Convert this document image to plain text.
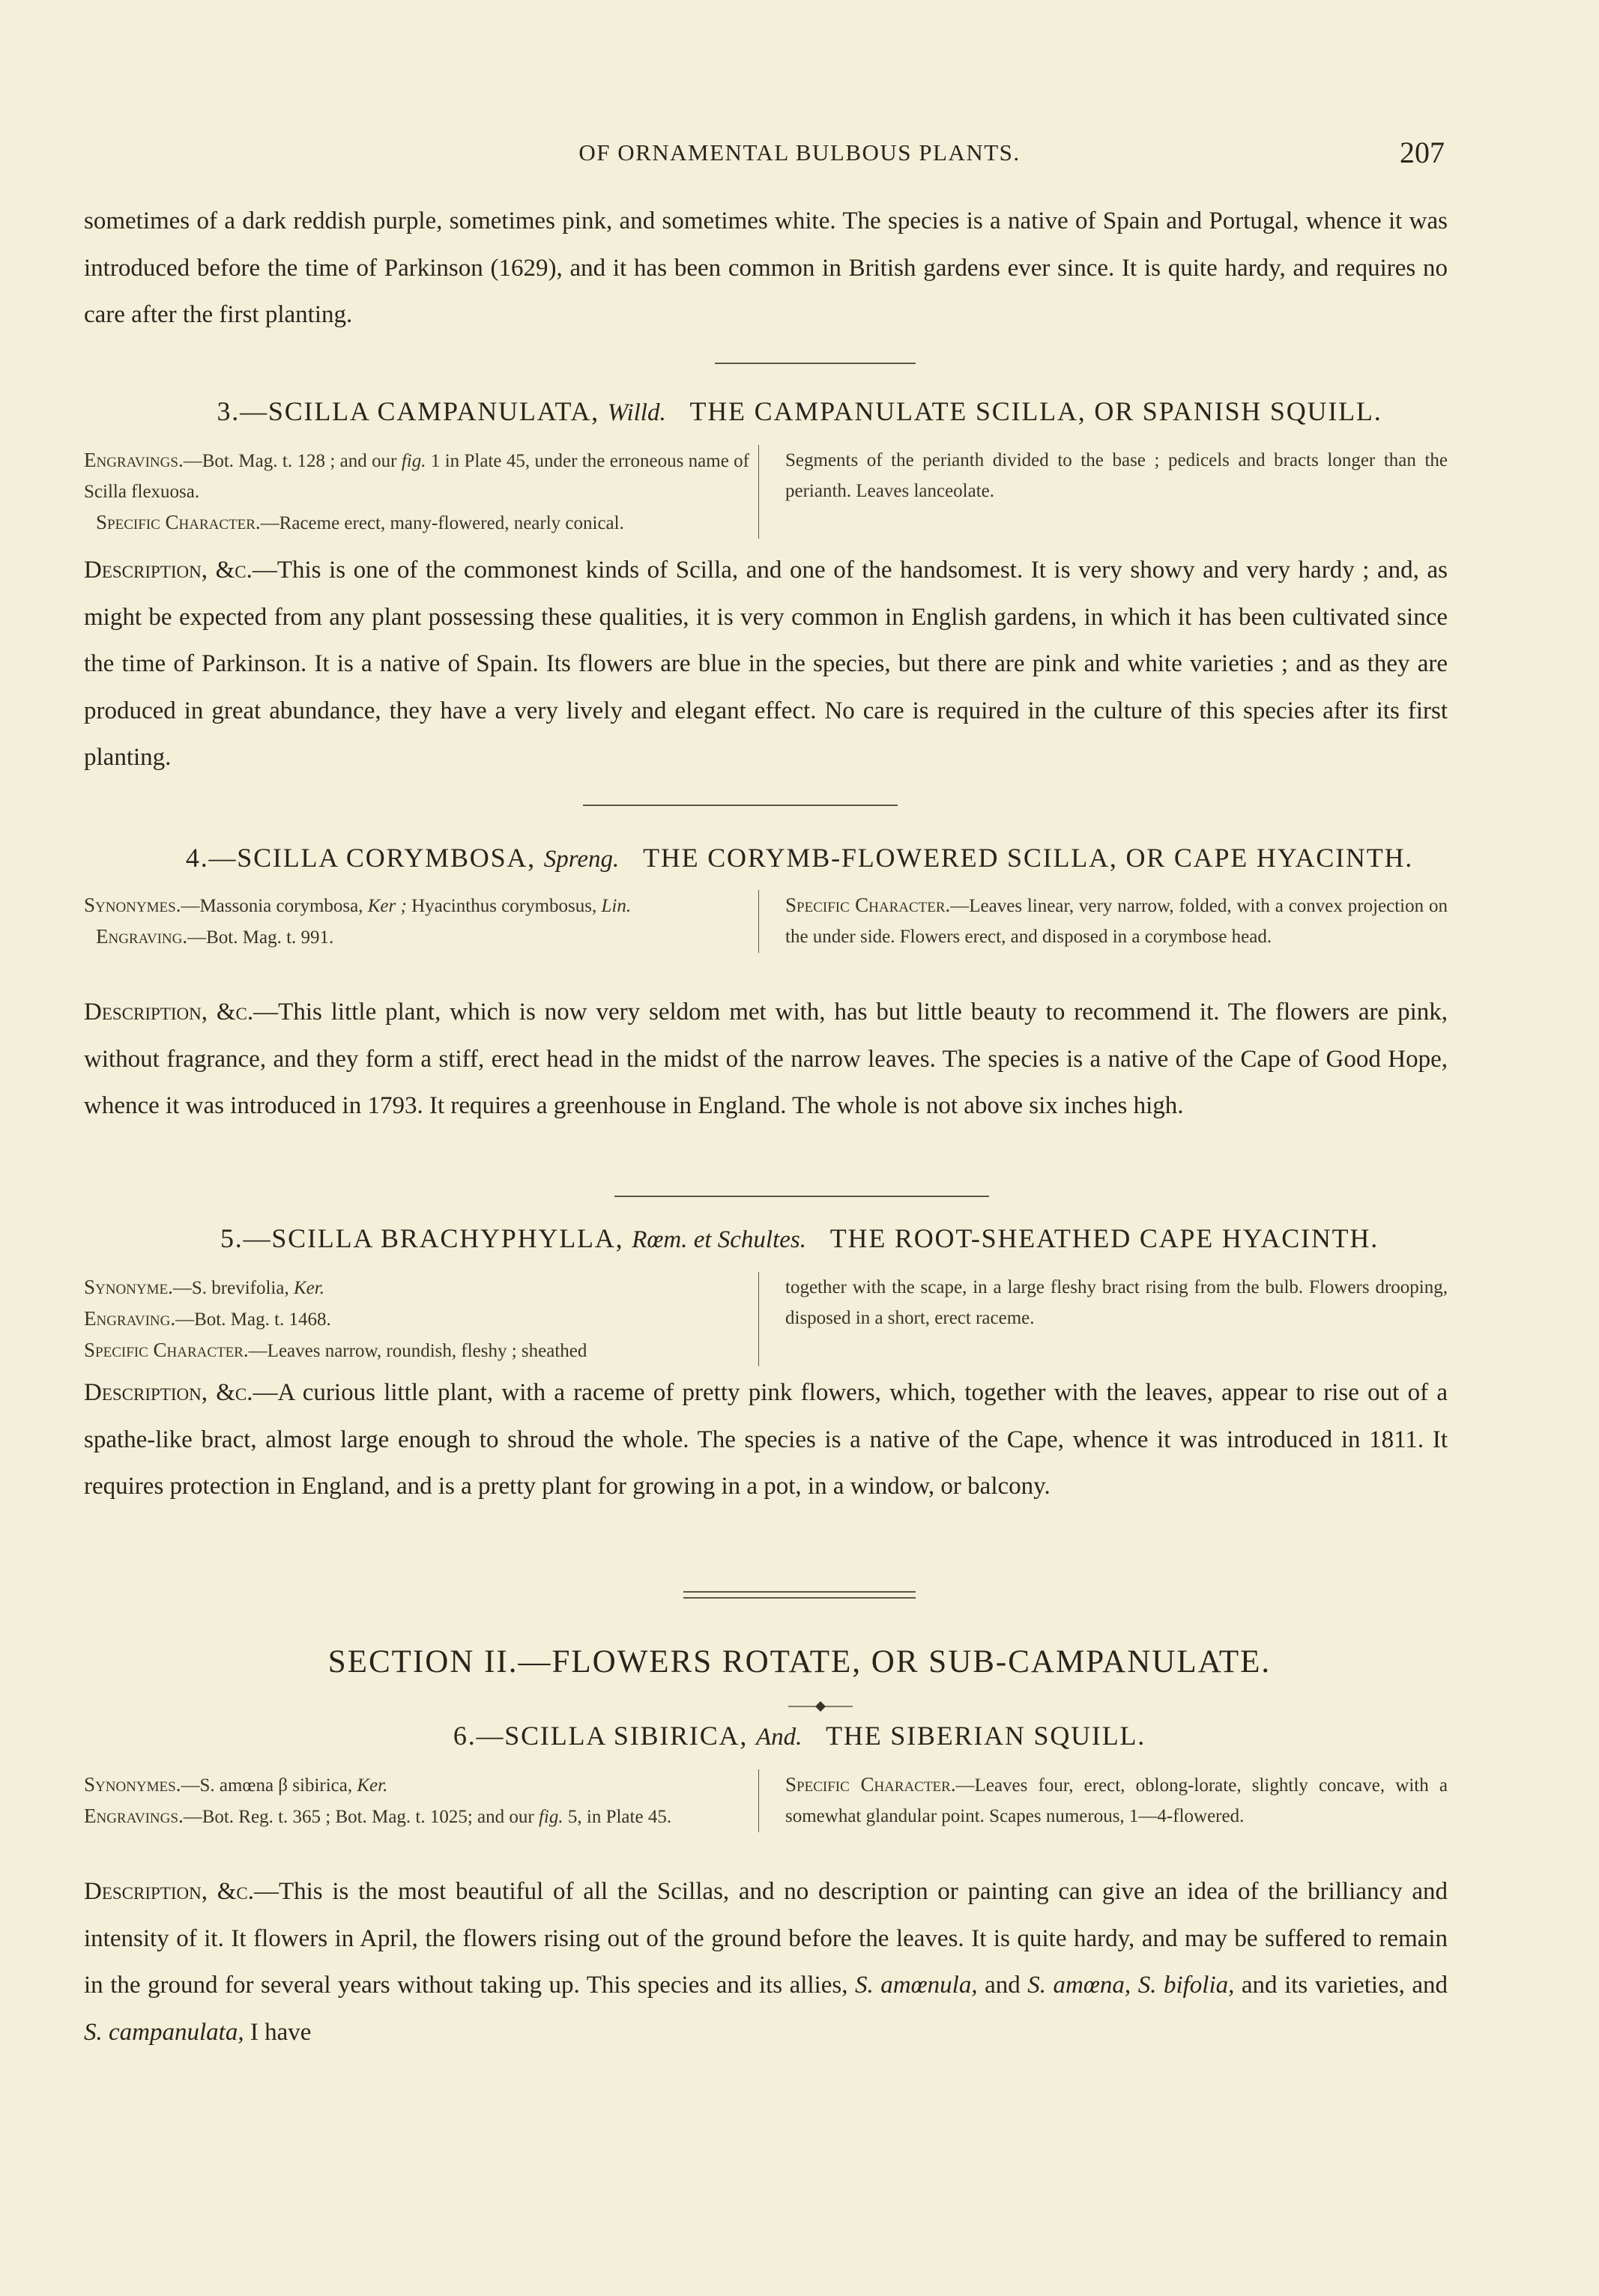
OF ORNAMENTAL BULBOUS PLANTS.	207

sometimes of a dark reddish purple, sometimes pink, and sometimes white. The species is a native of Spain and Portugal, whence it was introduced before the time of Parkinson (1629), and it has been common in British gardens ever since. It is quite hardy, and requires no care after the first planting.

3.—SCILLA CAMPANULATA, Willd. THE CAMPANULATE SCILLA, OR SPANISH SQUILL.

Engravings.—Bot. Mag. t. 128 ; and our fig. 1 in Plate 45, under the erroneous name of Scilla flexuosa.

Specific Character.—Raceme erect, many-flowered, nearly conical.

Segments of the perianth divided to the base ; pedicels and bracts longer than the perianth. Leaves lanceolate.

Description, &c.—This is one of the commonest kinds of Scilla, and one of the handsomest. It is very showy and very hardy ; and, as might be expected from any plant possessing these qualities, it is very common in English gardens, in which it has been cultivated since the time of Parkinson. It is a native of Spain. Its flowers are blue in the species, but there are pink and white varieties ; and as they are produced in great abundance, they have a very lively and elegant effect. No care is required in the culture of this species after its first planting.

4.—SCILLA CORYMBOSA, Spreng. THE CORYMB-FLOWERED SCILLA, OR CAPE HYACINTH.

Synonymes.—Massonia corymbosa, Ker ; Hyacinthus corymbosus, Lin.

Engraving.—Bot. Mag. t. 991.

Specific Character.—Leaves linear, very narrow, folded, with a convex projection on the under side. Flowers erect, and disposed in a corymbose head.

Description, &c.—This little plant, which is now very seldom met with, has but little beauty to recommend it. The flowers are pink, without fragrance, and they form a stiff, erect head in the midst of the narrow leaves. The species is a native of the Cape of Good Hope, whence it was introduced in 1793. It requires a greenhouse in England. The whole is not above six inches high.

5.—SCILLA BRACHYPHYLLA, Rœm. et Schultes. THE ROOT-SHEATHED CAPE HYACINTH.

Synonyme.—S. brevifolia, Ker.

Engraving.—Bot. Mag. t. 1468.

Specific Character.—Leaves narrow, roundish, fleshy ; sheathed

together with the scape, in a large fleshy bract rising from the bulb. Flowers drooping, disposed in a short, erect raceme.

Description, &c.—A curious little plant, with a raceme of pretty pink flowers, which, together with the leaves, appear to rise out of a spathe-like bract, almost large enough to shroud the whole. The species is a native of the Cape, whence it was introduced in 1811. It requires protection in England, and is a pretty plant for growing in a pot, in a window, or balcony.

SECTION II.—FLOWERS ROTATE, OR SUB-CAMPANULATE.
6.—SCILLA SIBIRICA, And. THE SIBERIAN SQUILL.

Synonymes.—S. amœna β sibirica, Ker.

Engravings.—Bot. Reg. t. 365 ; Bot. Mag. t. 1025; and our fig. 5, in Plate 45.

Specific Character.—Leaves four, erect, oblong-lorate, slightly concave, with a somewhat glandular point. Scapes numerous, 1—4-flowered.

Description, &c.—This is the most beautiful of all the Scillas, and no description or painting can give an idea of the brilliancy and intensity of it. It flowers in April, the flowers rising out of the ground before the leaves. It is quite hardy, and may be suffered to remain in the ground for several years without taking up. This species and its allies, S. amœnula, and S. amœna, S. bifolia, and its varieties, and S. campanulata, I have
